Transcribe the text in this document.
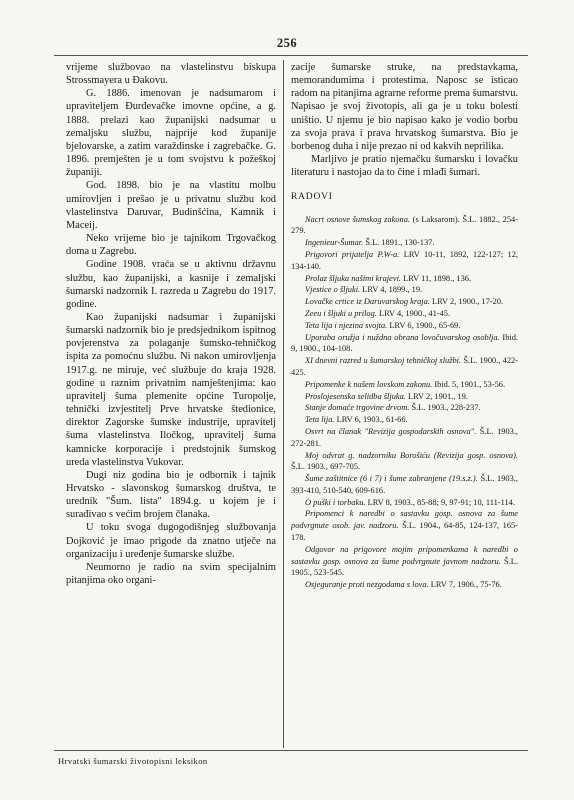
256

vrijeme službovao na vlastelinstvu biskupa Strossmayera u Đakovu.

G. 1886. imenovan je nadsumarom i upraviteljem Đurđevačke imovne općine, a g. 1888. prelazi kao županijski nadsumar u zemaljsku službu, najprije kod županije bjelovarske, a zatim varaždinske i zagrebačke. G. 1896. premješten je u tom svojstvu k požeškoj županiji.

God. 1898. bio je na vlastitu molbu umirovljen i prešao je u privatnu službu kod vlastelinstva Daruvar, Budinšćina, Kamnik i Maceij.

Neko vrijeme bio je tajnikom Trgovačkog doma u Zagrebu.

Godine 1908. vraća se u aktivnu državnu službu, kao županijski, a kasnije i zemaljski šumarski nadzornik I. razreda u Zagrebu do 1917. godine.

Kao županijski nadsumar i županijski šumarski nadzornik bio je predsjednikom ispitnog povjerenstva za polaganje šumsko-tehničkog ispita za pomoćnu službu. Ni nakon umirovljenja 1917.g. ne miruje, već službuje do kraja 1928. godine u raznim privatnim namještenjima: kao upravitelj šuma plemenite općine Turopolje, tehnički izvjestitelj Prve hrvatske štedionice, direktor Zagorske šumske industrije, upravitelj šuma vlastelinstva Iločkog, upravitelj šuma kamnicke korporacije i predstojnik šumskog ureda vlastelinstva Vukovar.

Dugi niz godina bio je odbornik i tajnik Hrvatsko - slavonskog šumarskog društva, te urednik "Šum. lista" 1894.g. u kojem je i surađivao s većim brojem članaka.

U toku svoga dugogodišnjeg službovanja Dojković je imao prigode da znatno utječe na organizaciju i uređenje šumarske službe.

Neumorno je radio na svim specijalnim pitanjima oko organi-

zacije šumarske struke, na predstavkama, memorandumima i protestima. Naposc se isticao radom na pitanjima agrarne reforme prema šumarstvu. Napisao je svoj životopis, ali ga je u toku bolesti uništio. U njemu je bio napisao kako je vodio borbu za svoja prava i prava hrvatskog šumarstva. Bio je borbenog duha i nije prezao ni od kakvih neprilika.

Marljivo je pratio njemačku šumarsku i lovačku literaturu i nastojao da to čine i mlađi šumari.

RADOVI

Nacrt osnove šumskog zakona. (s Laksarom). Š.L. 1882., 254-279.

Ingenieur-Šumar. Š.L. 1891., 130-137.

Prigovori prijatelja P.W-a. LRV 10-11, 1892, 122-127; 12, 134-140.

Prolaz šljuka našimi krajevi. LRV 11, 1898., 136.

Vjestice o šljuki. LRV 4, 1899., 19.

Lovačke crtice iz Daruvarskog kraja. LRV 2, 1900., 17-20.

Zeeu i šljuki u prilog. LRV 4, 1900., 41-45.

Teta lija i njezina svojta. LRV 6, 1900., 65-69.

Uporaba oružja i nuždna obrana lovočuvarskog osoblja. Ibid. 9, 1900., 104-108.

XI dnevni razred u šumarskoj tehničkoj službi. Š.L. 1900., 422-425.

Pripomenke k našem lovskom zakonu. Ibid. 5, 1901., 53-56.

Proslojesenska selidba šljuka. LRV 2, 1901., 19.

Stanje domaće trgovine drvom. Š.L. 1903., 228-237.

Teta lija. LRV 6, 1903., 61-66.

Osvrt na članak "Revizija gospodarskih osnova". Š.L. 1903., 272-281.

Moj odvrat g. nadzorniku Borošiću (Revizija gosp. osnova). Š.L. 1903., 697-705.

Šume zaštitnice (6 i 7) i šume zabranjene (19.s.z.). Š.L. 1903., 393-410, 510-540, 609-616.

O puški i torbaku. LRV 8, 1903., 85-88; 9, 97-91; 10, 111-114.

Pripomenci k naredbi o sastavku gosp. osnova za šume podvrgnute osob. jav. nadzoru. Š.L. 1904., 64-85, 124-137, 165-178.

Odgovor na prigovore mojim pripomenkama k naredbi o sastavku gosp. osnova za šume podvrgnute javnom nadzoru. Š.L. 1905., 523-545.

Osjeguranje proti nezgodama s lova. LRV 7, 1906., 75-76.

Hrvatski šumarski životopisni leksikon
